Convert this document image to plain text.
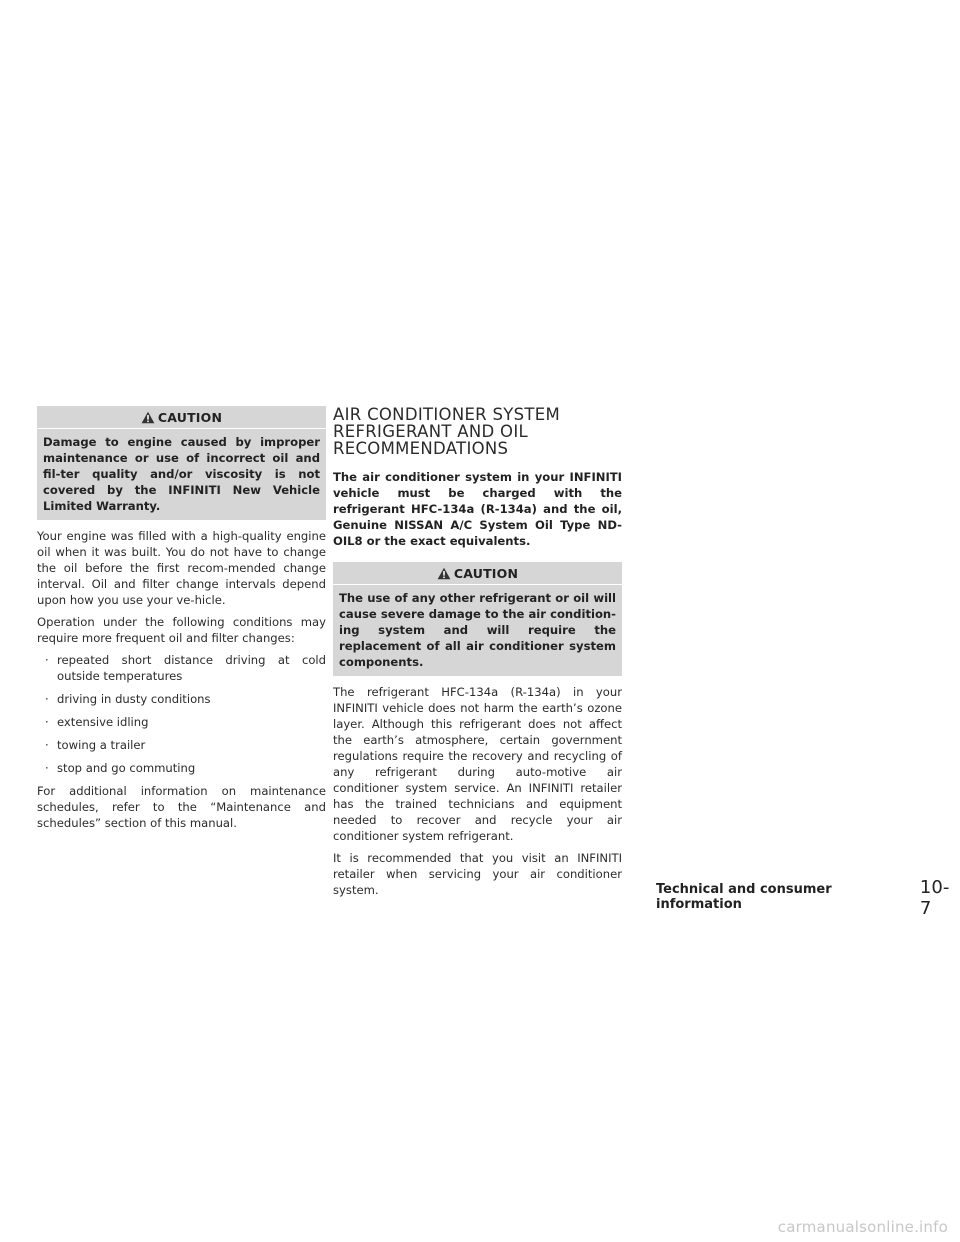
CAUTION

Damage to engine caused by improper maintenance or use of incorrect oil and fil-ter quality and/or viscosity is not covered by the INFINITI New Vehicle Limited Warranty.

Your engine was filled with a high-quality engine oil when it was built. You do not have to change the oil before the first recom-mended change interval. Oil and filter change intervals depend upon how you use your ve-hicle.

Operation under the following conditions may require more frequent oil and filter changes:

· repeated short distance driving at cold outside temperatures
· driving in dusty conditions
· extensive idling
· towing a trailer
· stop and go commuting

For additional information on maintenance schedules, refer to the “Maintenance and schedules” section of this manual.

AIR CONDITIONER SYSTEM
REFRIGERANT AND OIL
RECOMMENDATIONS

The air conditioner system in your INFINITI vehicle must be charged with the refrigerant HFC-134a (R-134a) and the oil, Genuine NISSAN A/C System Oil Type ND-OIL8 or the exact equivalents.

CAUTION

The use of any other refrigerant or oil will cause severe damage to the air condition-ing system and will require the replacement of all air conditioner system components.

The refrigerant HFC-134a (R-134a) in your INFINITI vehicle does not harm the earth’s ozone layer. Although this refrigerant does not affect the earth’s atmosphere, certain government regulations require the recovery and recycling of any refrigerant during auto-motive air conditioner system service. An INFINITI retailer has the trained technicians and equipment needed to recover and recycle your air conditioner system refrigerant.

It is recommended that you visit an INFINITI retailer when servicing your air conditioner system.	Technical and consumer information
10-7
carmanualsonline.info
